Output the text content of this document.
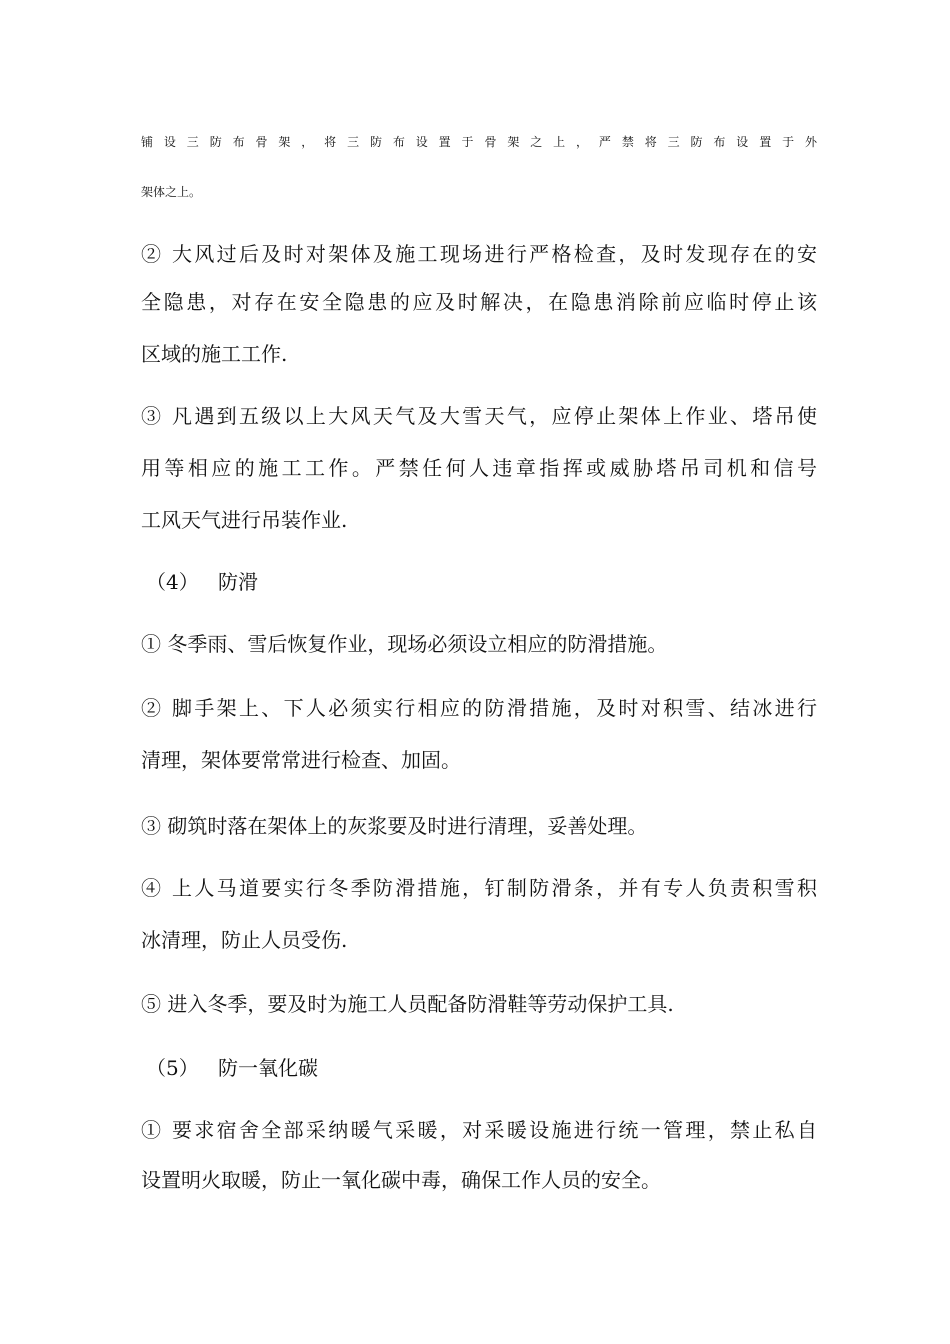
铺 设 三 防 布 骨 架 ， 将 三 防 布 设 置 于 骨 架 之 上 ， 严 禁 将 三 防 布 设 置 于 外
架体之上。
② 大风过后及时对架体及施工现场进行严格检查，及时发现存在的安
全隐患，对存在安全隐患的应及时解决，在隐患消除前应临时停止该
区域的施工工作.
③ 凡遇到五级以上大风天气及大雪天气，应停止架体上作业、塔吊使
用等相应的施工工作。严禁任何人违章指挥或威胁塔吊司机和信号
工风天气进行吊装作业.
（4） 防滑
① 冬季雨、雪后恢复作业，现场必须设立相应的防滑措施。
② 脚手架上、下人必须实行相应的防滑措施，及时对积雪、结冰进行
清理，架体要常常进行检查、加固。
③ 砌筑时落在架体上的灰浆要及时进行清理，妥善处理。
④ 上人马道要实行冬季防滑措施，钉制防滑条，并有专人负责积雪积
冰清理，防止人员受伤.
⑤ 进入冬季，要及时为施工人员配备防滑鞋等劳动保护工具.
（5） 防一氧化碳
① 要求宿舍全部采纳暖气采暖，对采暖设施进行统一管理，禁止私自
设置明火取暖，防止一氧化碳中毒，确保工作人员的安全。
